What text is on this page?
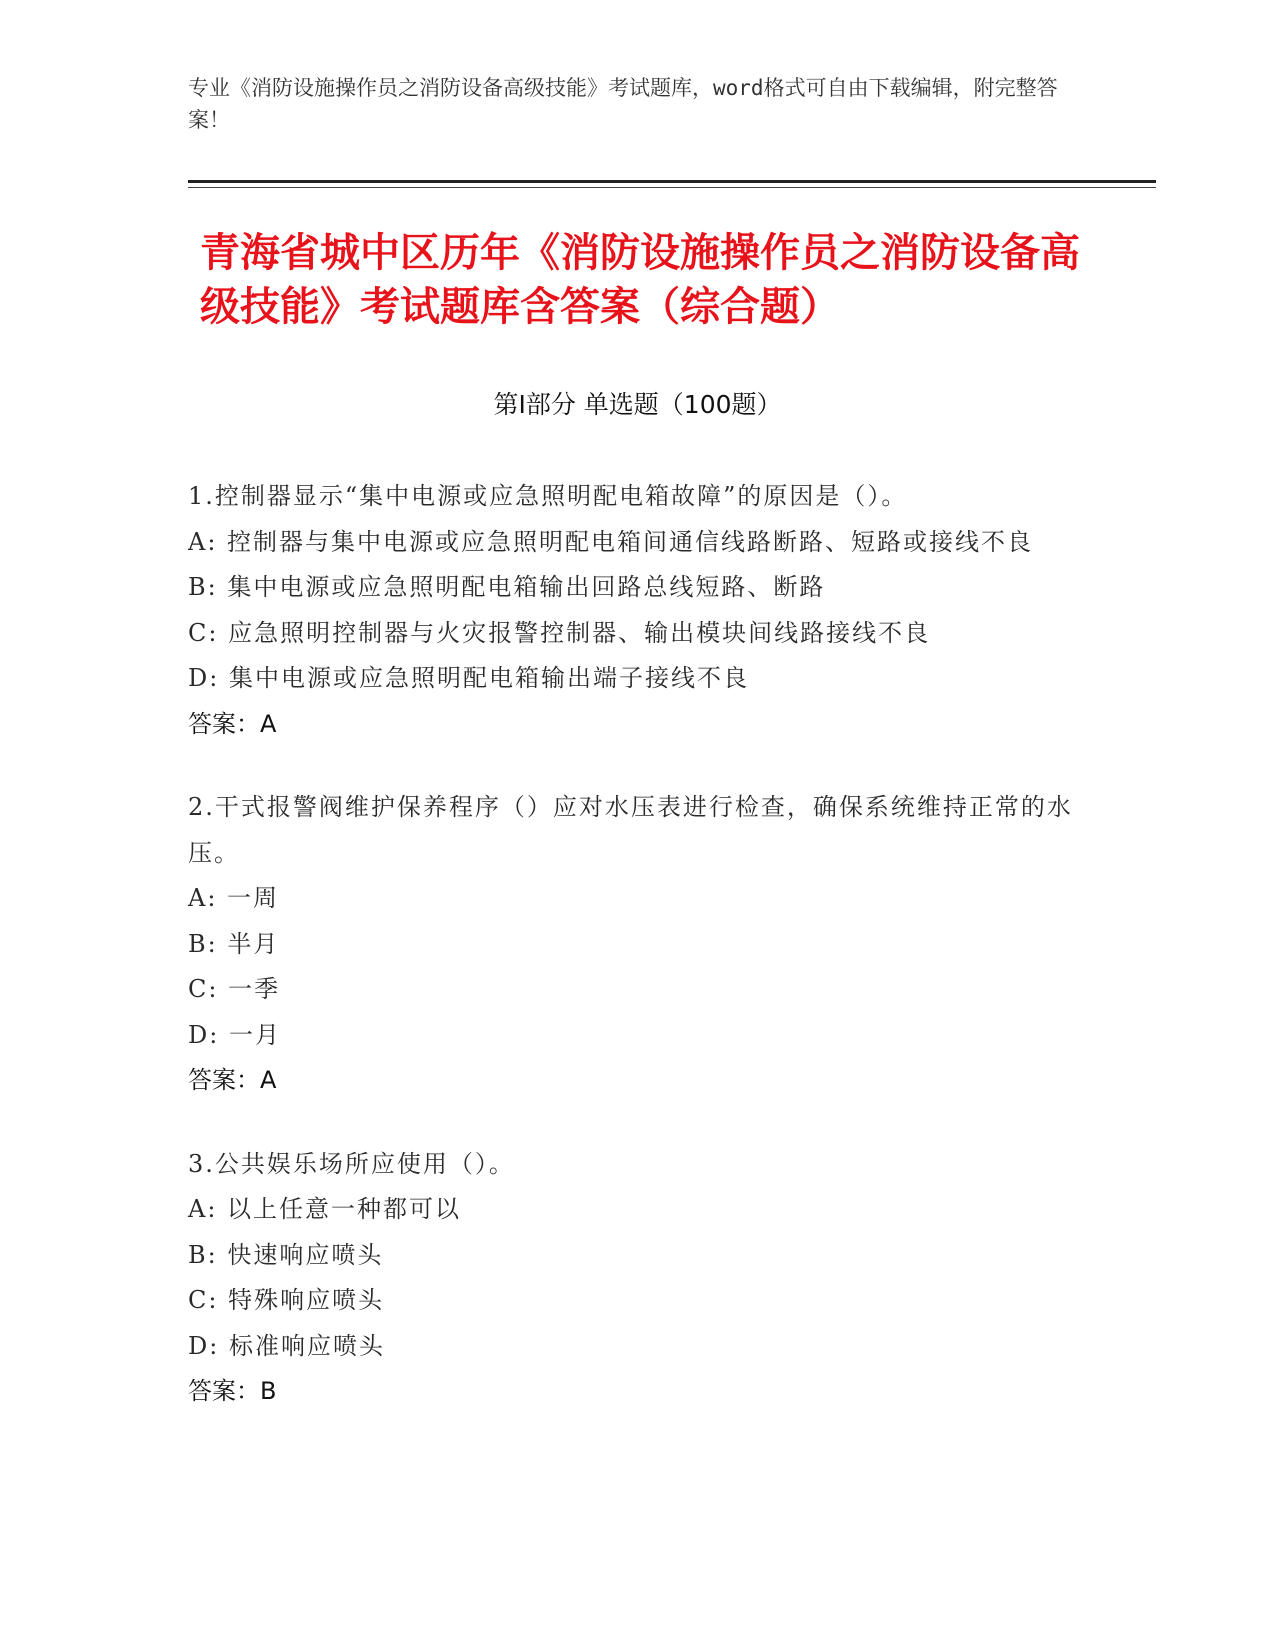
专业《消防设施操作员之消防设备高级技能》考试题库，word格式可自由下载编辑，附完整答案！
青海省城中区历年《消防设施操作员之消防设备高级技能》考试题库含答案（综合题）
第Ⅰ部分 单选题（100题）
1.控制器显示“集中电源或应急照明配电箱故障”的原因是（）。
A: 控制器与集中电源或应急照明配电箱间通信线路断路、短路或接线不良
B: 集中电源或应急照明配电箱输出回路总线短路、断路
C: 应急照明控制器与火灾报警控制器、输出模块间线路接线不良
D: 集中电源或应急照明配电箱输出端子接线不良
答案：A
2.干式报警阀维护保养程序（）应对水压表进行检查，确保系统维持正常的水压。
A: 一周
B: 半月
C: 一季
D: 一月
答案：A
3.公共娱乐场所应使用（）。
A: 以上任意一种都可以
B: 快速响应喷头
C: 特殊响应喷头
D: 标准响应喷头
答案：B
